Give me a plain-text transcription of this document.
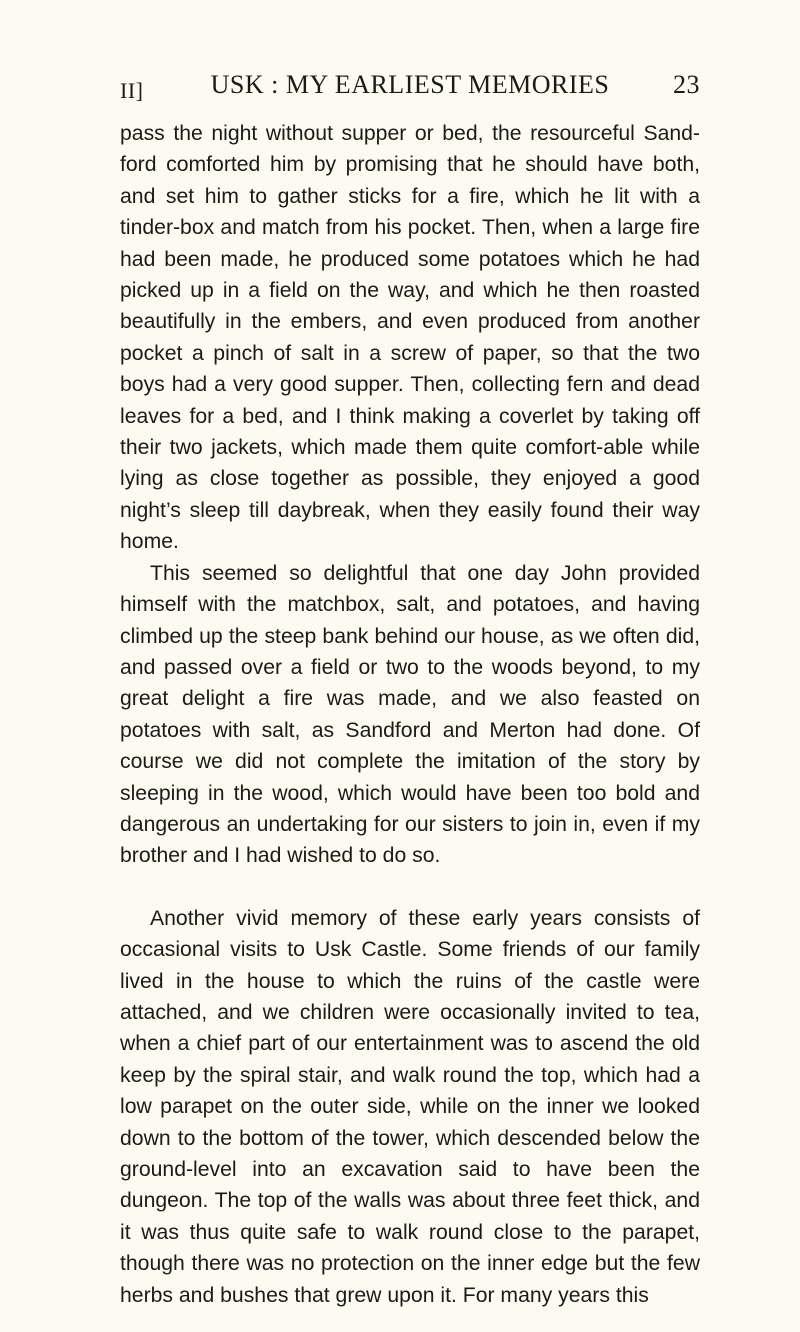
II]	USK : MY EARLIEST MEMORIES	23

pass the night without supper or bed, the resourceful Sand-ford comforted him by promising that he should have both, and set him to gather sticks for a fire, which he lit with a tinder-box and match from his pocket. Then, when a large fire had been made, he produced some potatoes which he had picked up in a field on the way, and which he then roasted beautifully in the embers, and even produced from another pocket a pinch of salt in a screw of paper, so that the two boys had a very good supper. Then, collecting fern and dead leaves for a bed, and I think making a coverlet by taking off their two jackets, which made them quite comfort-able while lying as close together as possible, they enjoyed a good night’s sleep till daybreak, when they easily found their way home.

This seemed so delightful that one day John provided himself with the matchbox, salt, and potatoes, and having climbed up the steep bank behind our house, as we often did, and passed over a field or two to the woods beyond, to my great delight a fire was made, and we also feasted on potatoes with salt, as Sandford and Merton had done. Of course we did not complete the imitation of the story by sleeping in the wood, which would have been too bold and dangerous an undertaking for our sisters to join in, even if my brother and I had wished to do so.

Another vivid memory of these early years consists of occasional visits to Usk Castle. Some friends of our family lived in the house to which the ruins of the castle were attached, and we children were occasionally invited to tea, when a chief part of our entertainment was to ascend the old keep by the spiral stair, and walk round the top, which had a low parapet on the outer side, while on the inner we looked down to the bottom of the tower, which descended below the ground-level into an excavation said to have been the dungeon. The top of the walls was about three feet thick, and it was thus quite safe to walk round close to the parapet, though there was no protection on the inner edge but the few herbs and bushes that grew upon it. For many years this
